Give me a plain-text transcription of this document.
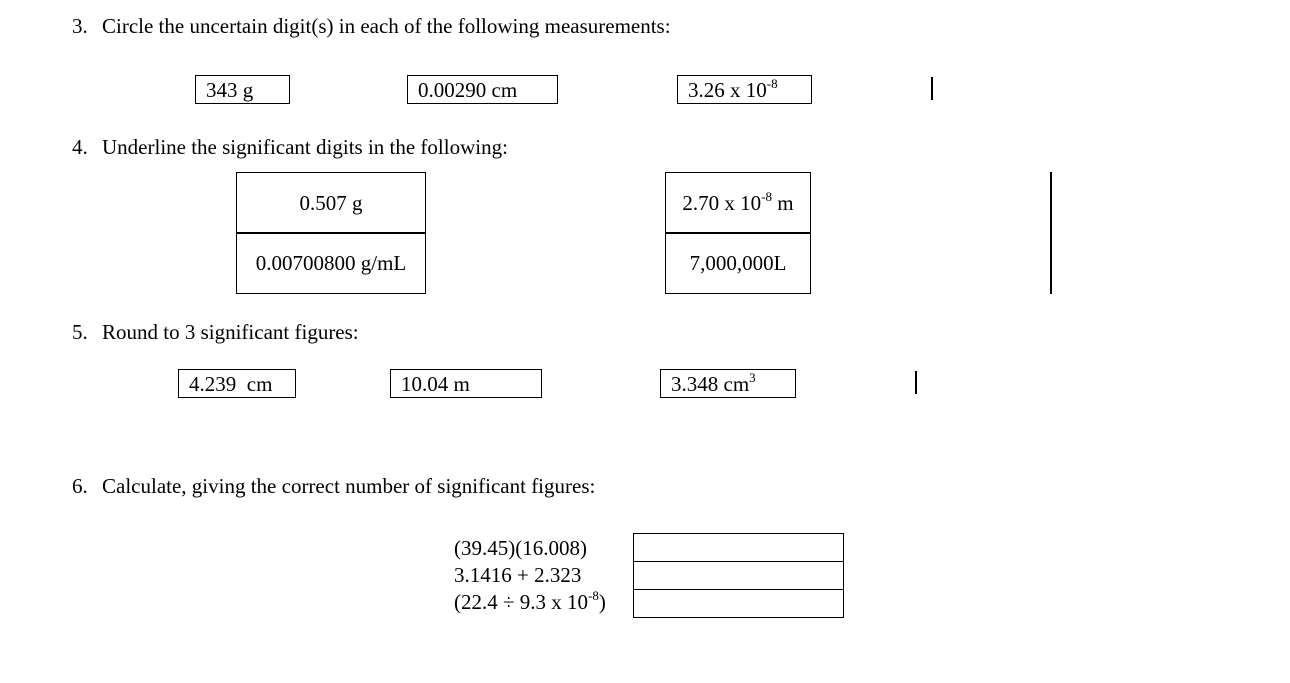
3. Circle the uncertain digit(s) in each of the following measurements:
343 g	0.00290 cm	3.26 x $10^{-8}$
4. Underline the significant digits in the following:
0.507 g
0.00700800 g/mL
2.70 x $10^{-8}$ m
7,000,000L
5. Round to 3 significant figures:
4.239  cm	10.04 m	3.348 $cm^3$
6. Calculate, giving the correct number of significant figures:
(39.45)(16.008)
3.1416 + 2.323
(22.4 ÷ 9.3 x $10^{-8}$)
